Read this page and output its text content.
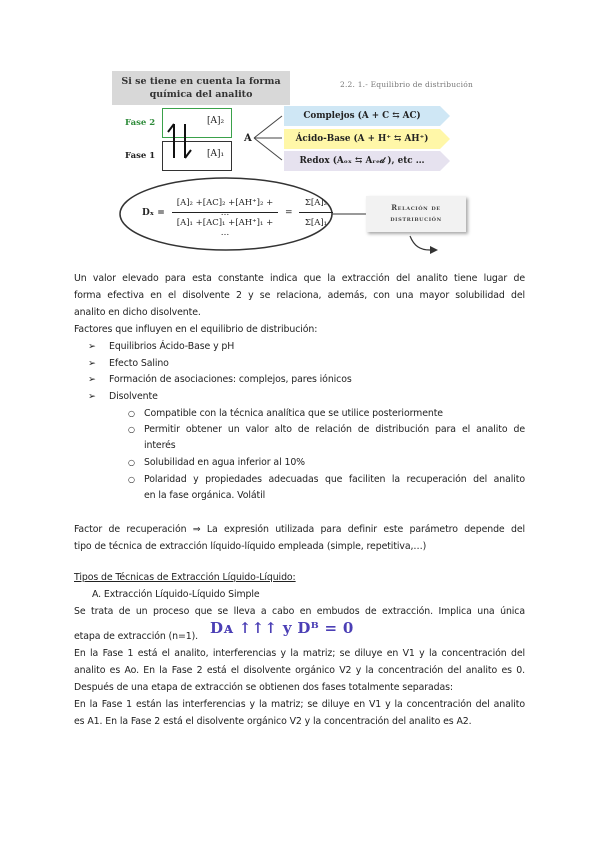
Si se tiene en cuenta la forma química del analito
2.2. 1.- Equilibrio de distribución
Fase 2
Fase 1
[A]₂
[A]₁
A
Complejos (A + C ⇆ AC)
Ácido-Base (A + H⁺ ⇆ AH⁺)
Redox (Aₒₓ ⇆ Aᵣₑ𝒹 ), etc …
Dₓ =
[A]₂ +[AC]₂ +[AH⁺]₂ + …
[A]₁ +[AC]₁ +[AH⁺]₁ + …
=
Σ[A]₂
Σ[A]₁
Relación de
distribución
Un valor elevado para esta constante indica que la extracción del analito tiene lugar de
forma efectiva en el disolvente 2 y se relaciona, además, con una mayor solubilidad del
analito en dicho disolvente.
Factores que influyen en el equilibrio de distribución:
➢ Equilibrios Ácido-Base y pH
➢ Efecto Salino
➢ Formación de asociaciones: complejos, pares iónicos
➢ Disolvente
○ Compatible con la técnica analítica que se utilice posteriormente
○ Permitir obtener un valor alto de relación de distribución para el analito de
interés
○ Solubilidad en agua inferior al 10%
○ Polaridad y propiedades adecuadas que faciliten la recuperación del analito
en la fase orgánica. Volátil
Factor de recuperación ⇒ La expresión utilizada para definir este parámetro depende del
tipo de técnica de extracción líquido-líquido empleada (simple, repetitiva,…)
Tipos de Técnicas de Extracción Líquido-Líquido:
A. Extracción Líquido-Líquido Simple
Se trata de un proceso que se lleva a cabo en embudos de extracción. Implica una única
etapa de extracción (n=1). Dᴀ ↑↑↑ y Dᴮ = 0
En la Fase 1 está el analito, interferencias y la matriz; se diluye en V1 y la concentración del
analito es Ao. En la Fase 2 está el disolvente orgánico V2 y la concentración del analito es 0.
Después de una etapa de extracción se obtienen dos fases totalmente separadas:
En la Fase 1 están las interferencias y la matriz; se diluye en V1 y la concentración del analito
es A1. En la Fase 2 está el disolvente orgánico V2 y la concentración del analito es A2.
